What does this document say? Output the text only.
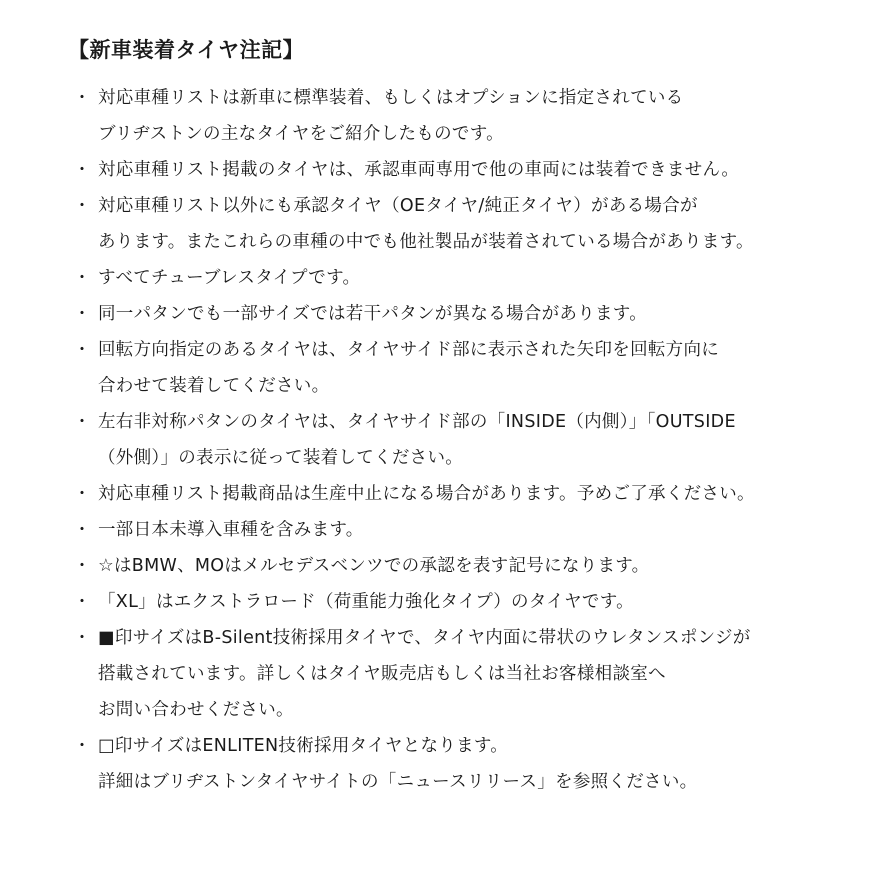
【新車装着タイヤ注記】
・ 対応車種リストは新車に標準装着、もしくはオプションに指定されている
ブリヂストンの主なタイヤをご紹介したものです。
・ 対応車種リスト掲載のタイヤは、承認車両専用で他の車両には装着できません。
・ 対応車種リスト以外にも承認タイヤ（OEタイヤ/純正タイヤ）がある場合が
あります。またこれらの車種の中でも他社製品が装着されている場合があります。
・ すべてチューブレスタイプです。
・ 同一パタンでも一部サイズでは若干パタンが異なる場合があります。
・ 回転方向指定のあるタイヤは、タイヤサイド部に表示された矢印を回転方向に
合わせて装着してください。
・ 左右非対称パタンのタイヤは、タイヤサイド部の「INSIDE（内側）」「OUTSIDE
（外側）」の表示に従って装着してください。
・ 対応車種リスト掲載商品は生産中止になる場合があります。予めご了承ください。
・ 一部日本未導入車種を含みます。
・ ☆はBMW、MOはメルセデスベンツでの承認を表す記号になります。
・ 「XL」はエクストラロード（荷重能力強化タイプ）のタイヤです。
・ ■印サイズはB-Silent技術採用タイヤで、タイヤ内面に帯状のウレタンスポンジが
搭載されています。詳しくはタイヤ販売店もしくは当社お客様相談室へ
お問い合わせください。
・ □印サイズはENLITEN技術採用タイヤとなります。
詳細はブリヂストンタイヤサイトの「ニュースリリース」を参照ください。
